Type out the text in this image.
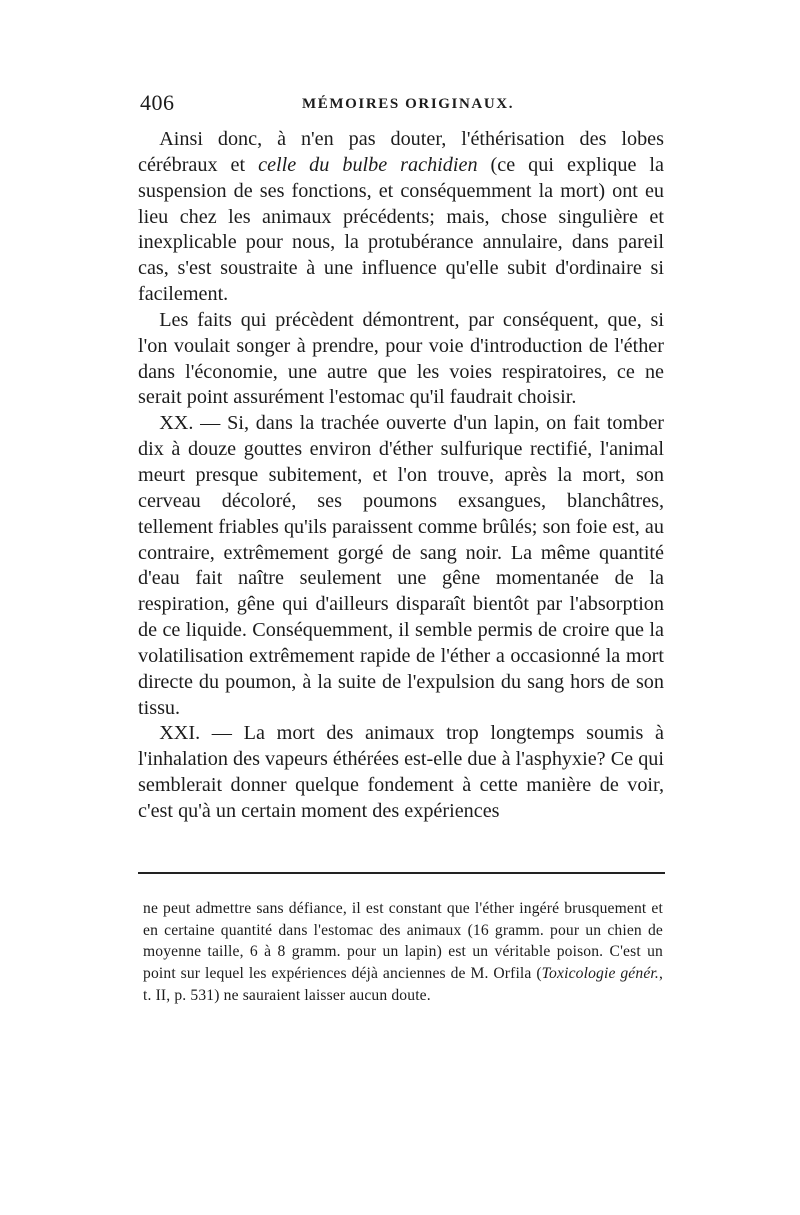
406	MÉMOIRES ORIGINAUX.

Ainsi donc, à n'en pas douter, l'éthérisation des lobes cérébraux et celle du bulbe rachidien (ce qui explique la suspension de ses fonctions, et conséquemment la mort) ont eu lieu chez les animaux précédents; mais, chose singulière et inexplicable pour nous, la protubérance annulaire, dans pareil cas, s'est soustraite à une influence qu'elle subit d'ordinaire si facilement.

Les faits qui précèdent démontrent, par conséquent, que, si l'on voulait songer à prendre, pour voie d'introduction de l'éther dans l'économie, une autre que les voies respiratoires, ce ne serait point assurément l'estomac qu'il faudrait choisir.

XX. — Si, dans la trachée ouverte d'un lapin, on fait tomber dix à douze gouttes environ d'éther sulfurique rectifié, l'animal meurt presque subitement, et l'on trouve, après la mort, son cerveau décoloré, ses poumons exsangues, blanchâtres, tellement friables qu'ils paraissent comme brûlés; son foie est, au contraire, extrêmement gorgé de sang noir. La même quantité d'eau fait naître seulement une gêne momentanée de la respiration, gêne qui d'ailleurs disparaît bientôt par l'absorption de ce liquide. Conséquemment, il semble permis de croire que la volatilisation extrêmement rapide de l'éther a occasionné la mort directe du poumon, à la suite de l'expulsion du sang hors de son tissu.

XXI. — La mort des animaux trop longtemps soumis à l'inhalation des vapeurs éthérées est-elle due à l'asphyxie? Ce qui semblerait donner quelque fondement à cette manière de voir, c'est qu'à un certain moment des expériences

ne peut admettre sans défiance, il est constant que l'éther ingéré brusquement et en certaine quantité dans l'estomac des animaux (16 gramm. pour un chien de moyenne taille, 6 à 8 gramm. pour un lapin) est un véritable poison. C'est un point sur lequel les expériences déjà anciennes de M. Orfila (Toxicologie génér., t. II, p. 531) ne sauraient laisser aucun doute.
